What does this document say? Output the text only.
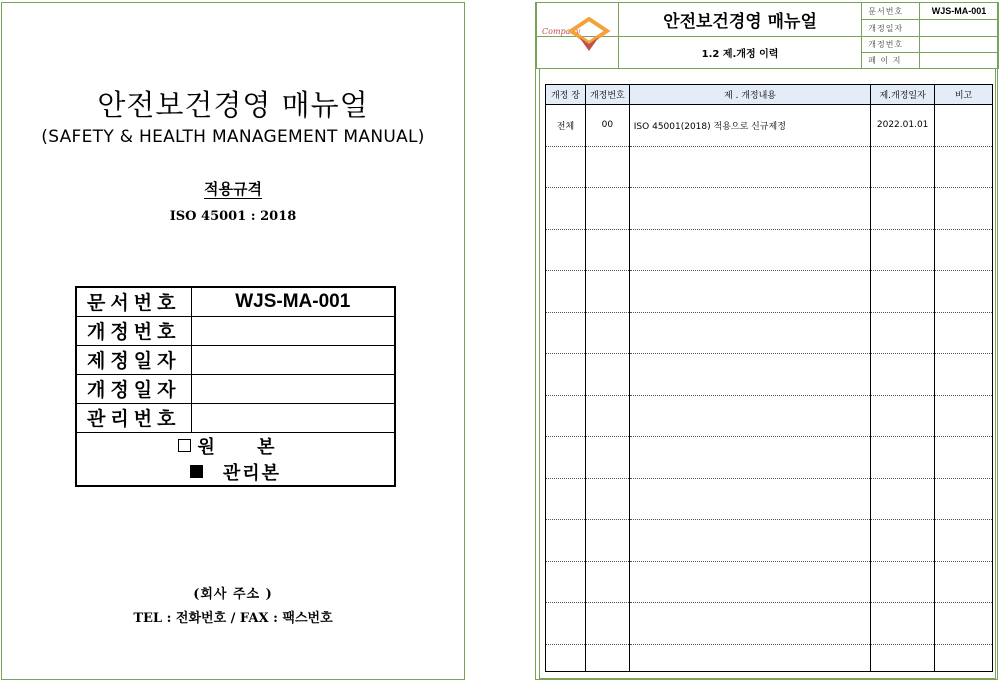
안전보건경영 매뉴얼
(SAFETY & HEALTH MANAGEMENT MANUAL)
적용규격
ISO 45001 : 2018
문서번호	WJS-MA-001
개정번호	
제정일자	
개정일자	
관리번호	

원 본

관리본	
(회사 주소 )
TEL : 전화번호 / FAX : 팩스번호
Company	안전보건경영 매뉴얼	문서번호	WJS-MA-001
		개정일자	
	1.2 제.개정 이력	개정번호	
		페 이 지	
개정 장	개정번호	제 . 개정내용	제.개정일자	비고
전체	00	ISO 45001(2018) 적용으로 신규제정	2022.01.01	
